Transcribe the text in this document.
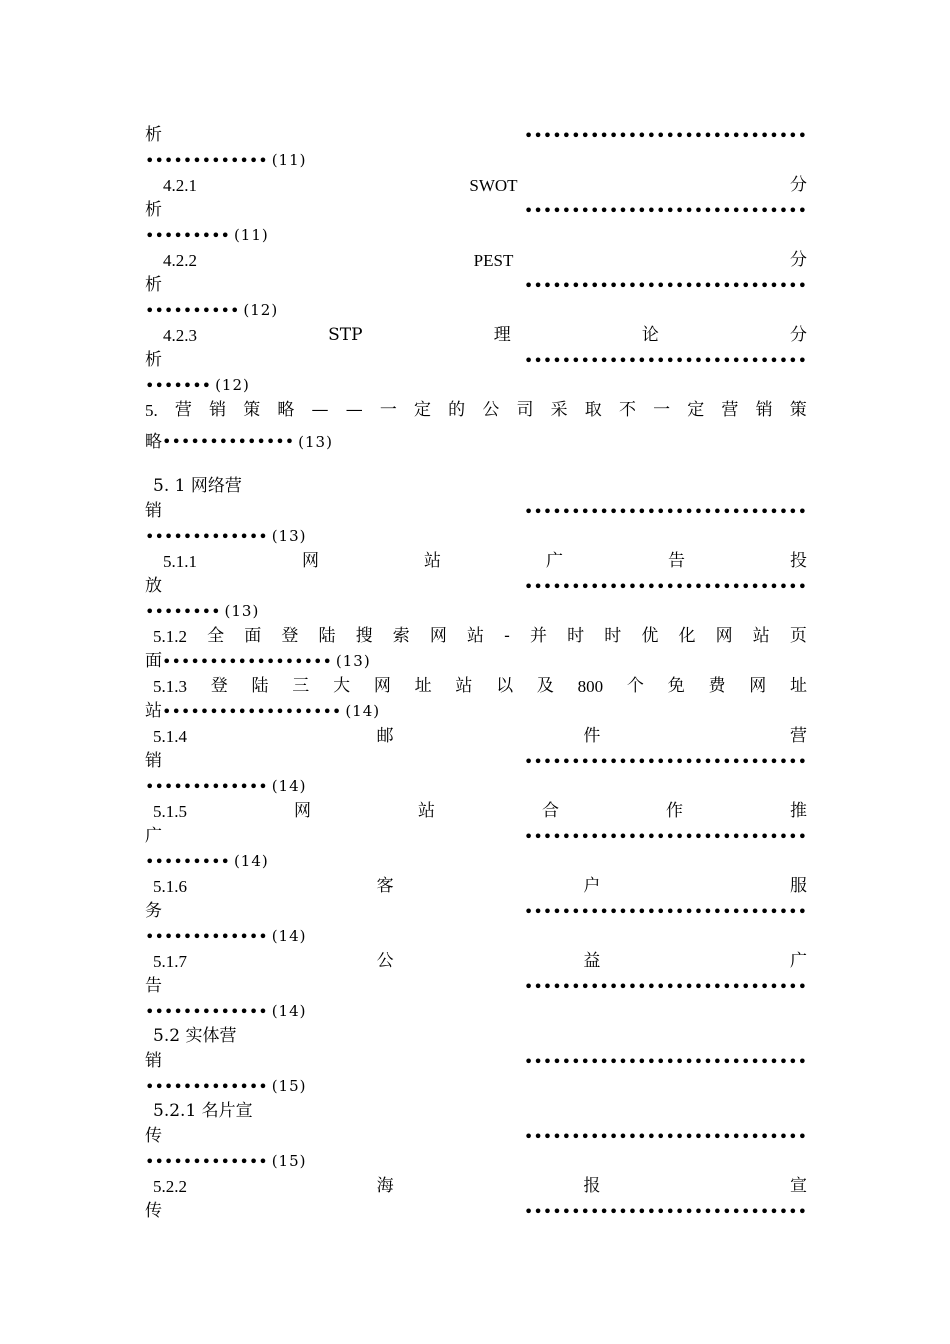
析	••••••••••••••••••••••••••••••
••••••••••••• (11)
4.2.1	SWOT	分
析	••••••••••••••••••••••••••••••
••••••••• (11)
4.2.2	PEST	分
析	••••••••••••••••••••••••••••••
•••••••••• (12)
4.2.3	STP	理	论	分
析	••••••••••••••••••••••••••••••
••••••• (12)
5. 营 销 策 略 — — 一 定 的 公 司 采 取 不 一 定 营 销 策
略 •••••••••••••• (13)
5. 1 网络营
销	••••••••••••••••••••••••••••••
••••••••••••• (13)
5.1.1	网	站	广	告	投
放	••••••••••••••••••••••••••••••
•••••••• (13)
5.1.2 全 面 登 陆 搜 索 网 站 - 并 时 时 优 化 网 站 页
面 •••••••••••••••••• (13)
5.1.3 登 陆 三 大 网 址 站 以 及 800 个 免 费 网 址
站 ••••••••••••••••••• (14)
5.1.4	邮	件	营
销	••••••••••••••••••••••••••••••
••••••••••••• (14)
5.1.5	网	站	合	作	推
广	••••••••••••••••••••••••••••••
••••••••• (14)
5.1.6	客	户	服
务	••••••••••••••••••••••••••••••
••••••••••••• (14)
5.1.7	公	益	广
告	••••••••••••••••••••••••••••••
••••••••••••• (14)
5.2 实体营
销	••••••••••••••••••••••••••••••
••••••••••••• (15)
5.2.1 名片宣
传	••••••••••••••••••••••••••••••
••••••••••••• (15)
5.2.2	海	报	宣
传	••••••••••••••••••••••••••••••
